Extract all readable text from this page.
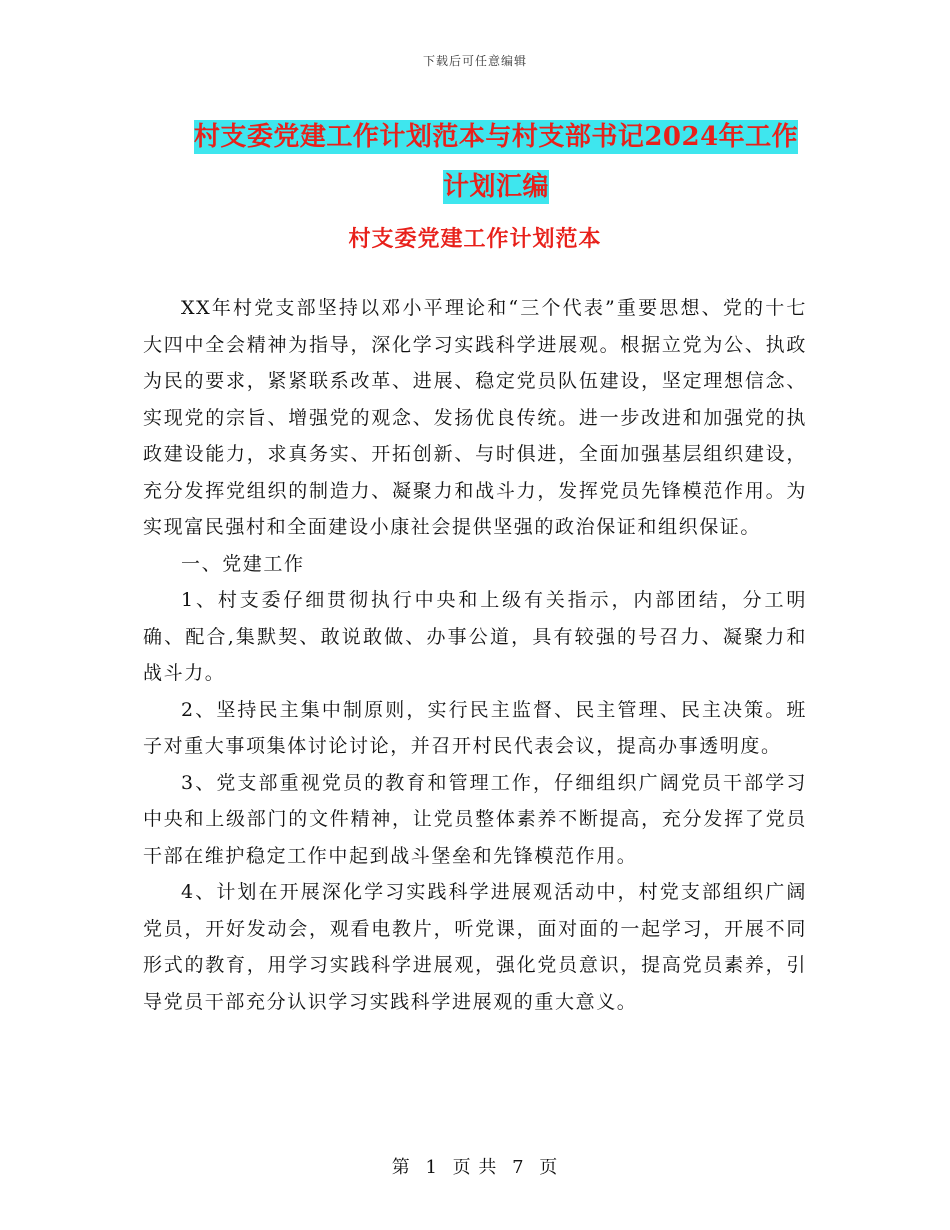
下载后可任意编辑
村支委党建工作计划范本与村支部书记2024年工作计划汇编
村支委党建工作计划范本

XX年村党支部坚持以邓小平理论和“三个代表”重要思想、党的十七大四中全会精神为指导，深化学习实践科学进展观。根据立党为公、执政为民的要求，紧紧联系改革、进展、稳定党员队伍建设，坚定理想信念、实现党的宗旨、增强党的观念、发扬优良传统。进一步改进和加强党的执政建设能力，求真务实、开拓创新、与时俱进，全面加强基层组织建设，充分发挥党组织的制造力、凝聚力和战斗力，发挥党员先锋模范作用。为实现富民强村和全面建设小康社会提供坚强的政治保证和组织保证。

一、党建工作

1、村支委仔细贯彻执行中央和上级有关指示，内部团结，分工明确、配合,集默契、敢说敢做、办事公道，具有较强的号召力、凝聚力和战斗力。

2、坚持民主集中制原则，实行民主监督、民主管理、民主决策。班子对重大事项集体讨论讨论，并召开村民代表会议，提高办事透明度。

3、党支部重视党员的教育和管理工作，仔细组织广阔党员干部学习中央和上级部门的文件精神，让党员整体素养不断提高，充分发挥了党员干部在维护稳定工作中起到战斗堡垒和先锋模范作用。

4、计划在开展深化学习实践科学进展观活动中，村党支部组织广阔党员，开好发动会，观看电教片，听党课，面对面的一起学习，开展不同形式的教育，用学习实践科学进展观，强化党员意识，提高党员素养，引导党员干部充分认识学习实践科学进展观的重大意义。

第 1 页 共 7 页
